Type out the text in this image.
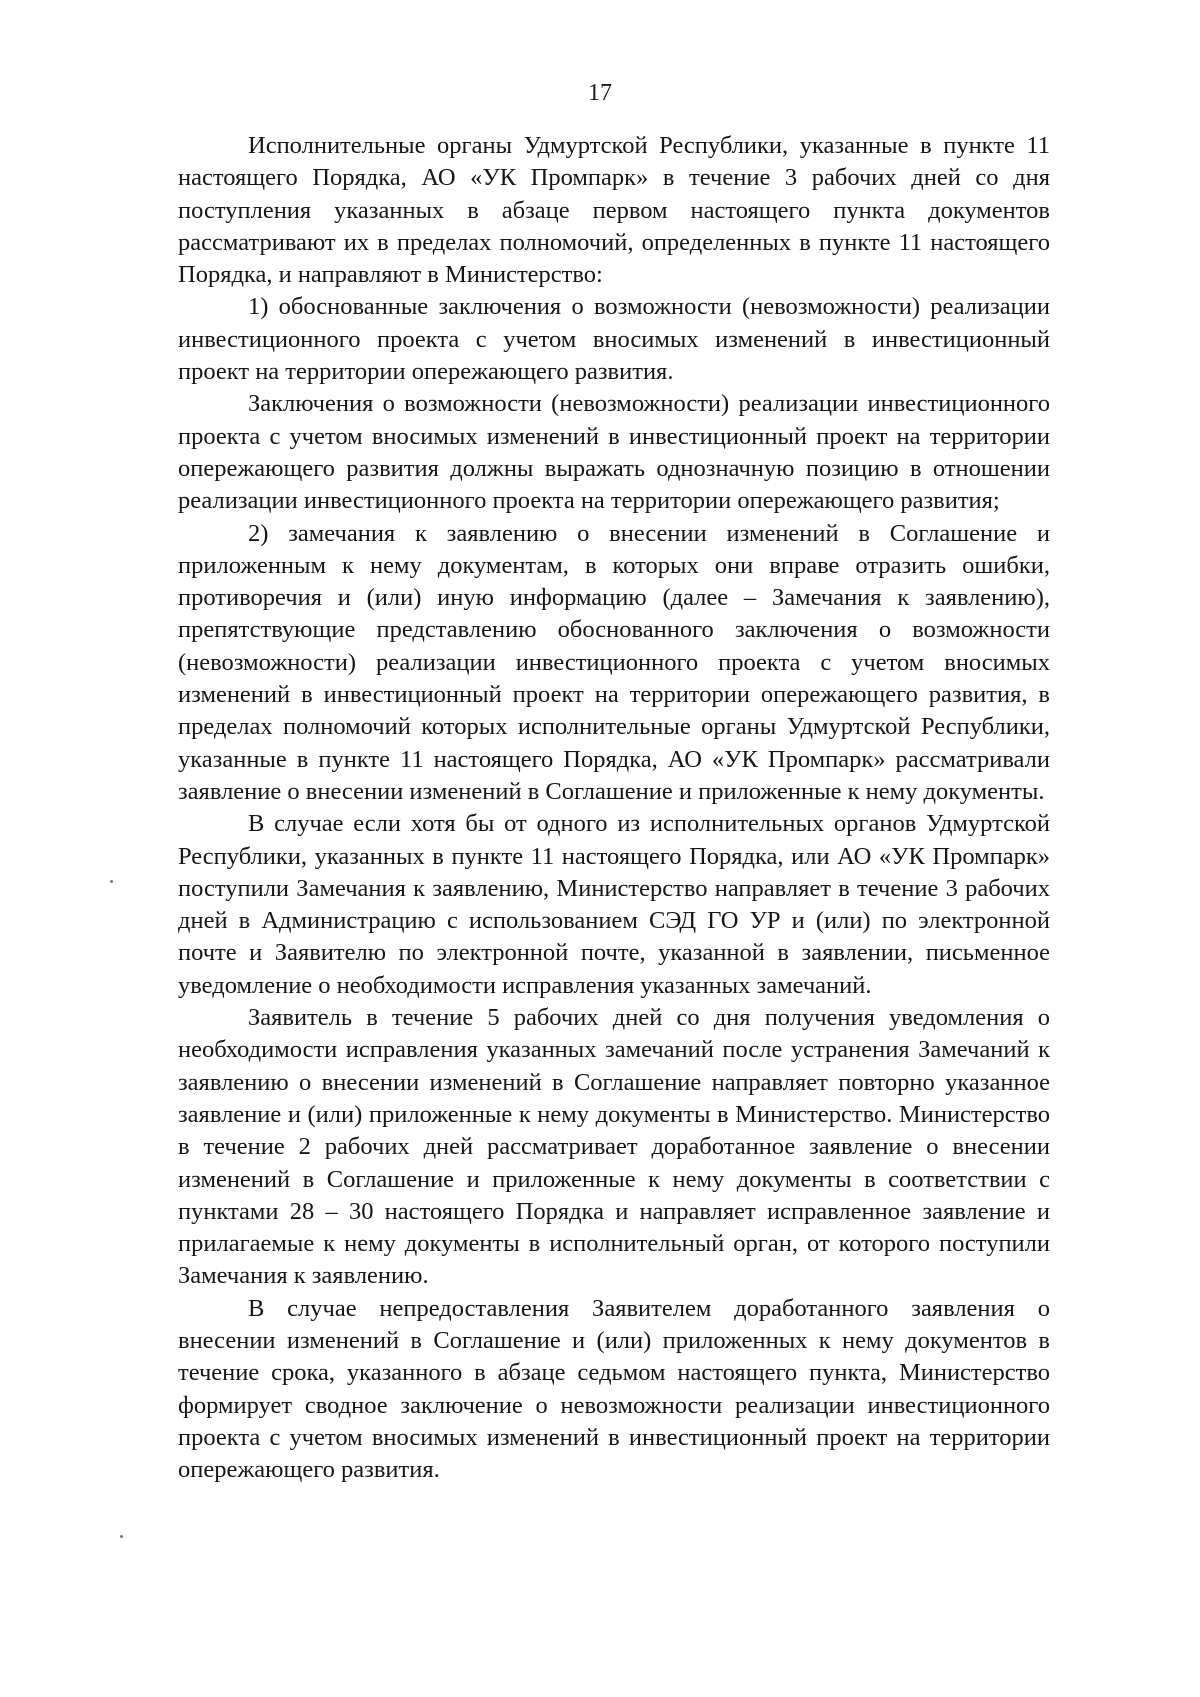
17

Исполнительные органы Удмуртской Республики, указанные в пункте 11 настоящего Порядка, АО «УК Промпарк» в течение 3 рабочих дней со дня поступления указанных в абзаце первом настоящего пункта документов рассматривают их в пределах полномочий, определенных в пункте 11 настоящего Порядка, и направляют в Министерство:

1) обоснованные заключения о возможности (невозможности) реализации инвестиционного проекта с учетом вносимых изменений в инвестиционный проект на территории опережающего развития.

Заключения о возможности (невозможности) реализации инвестиционного проекта с учетом вносимых изменений в инвестиционный проект на территории опережающего развития должны выражать однозначную позицию в отношении реализации инвестиционного проекта на территории опережающего развития;

2) замечания к заявлению о внесении изменений в Соглашение и приложенным к нему документам, в которых они вправе отразить ошибки, противоречия и (или) иную информацию (далее – Замечания к заявлению), препятствующие представлению обоснованного заключения о возможности (невозможности) реализации инвестиционного проекта с учетом вносимых изменений в инвестиционный проект на территории опережающего развития, в пределах полномочий которых исполнительные органы Удмуртской Республики, указанные в пункте 11 настоящего Порядка, АО «УК Промпарк» рассматривали заявление о внесении изменений в Соглашение и приложенные к нему документы.

В случае если хотя бы от одного из исполнительных органов Удмуртской Республики, указанных в пункте 11 настоящего Порядка, или АО «УК Промпарк» поступили Замечания к заявлению, Министерство направляет в течение 3 рабочих дней в Администрацию с использованием СЭД ГО УР и (или) по электронной почте и Заявителю по электронной почте, указанной в заявлении, письменное уведомление о необходимости исправления указанных замечаний.

Заявитель в течение 5 рабочих дней со дня получения уведомления о необходимости исправления указанных замечаний после устранения Замечаний к заявлению о внесении изменений в Соглашение направляет повторно указанное заявление и (или) приложенные к нему документы в Министерство. Министерство в течение 2 рабочих дней рассматривает доработанное заявление о внесении изменений в Соглашение и приложенные к нему документы в соответствии с пунктами 28 – 30 настоящего Порядка и направляет исправленное заявление и прилагаемые к нему документы в исполнительный орган, от которого поступили Замечания к заявлению.

В случае непредоставления Заявителем доработанного заявления о внесении изменений в Соглашение и (или) приложенных к нему документов в течение срока, указанного в абзаце седьмом настоящего пункта, Министерство формирует сводное заключение о невозможности реализации инвестиционного проекта с учетом вносимых изменений в инвестиционный проект на территории опережающего развития.
